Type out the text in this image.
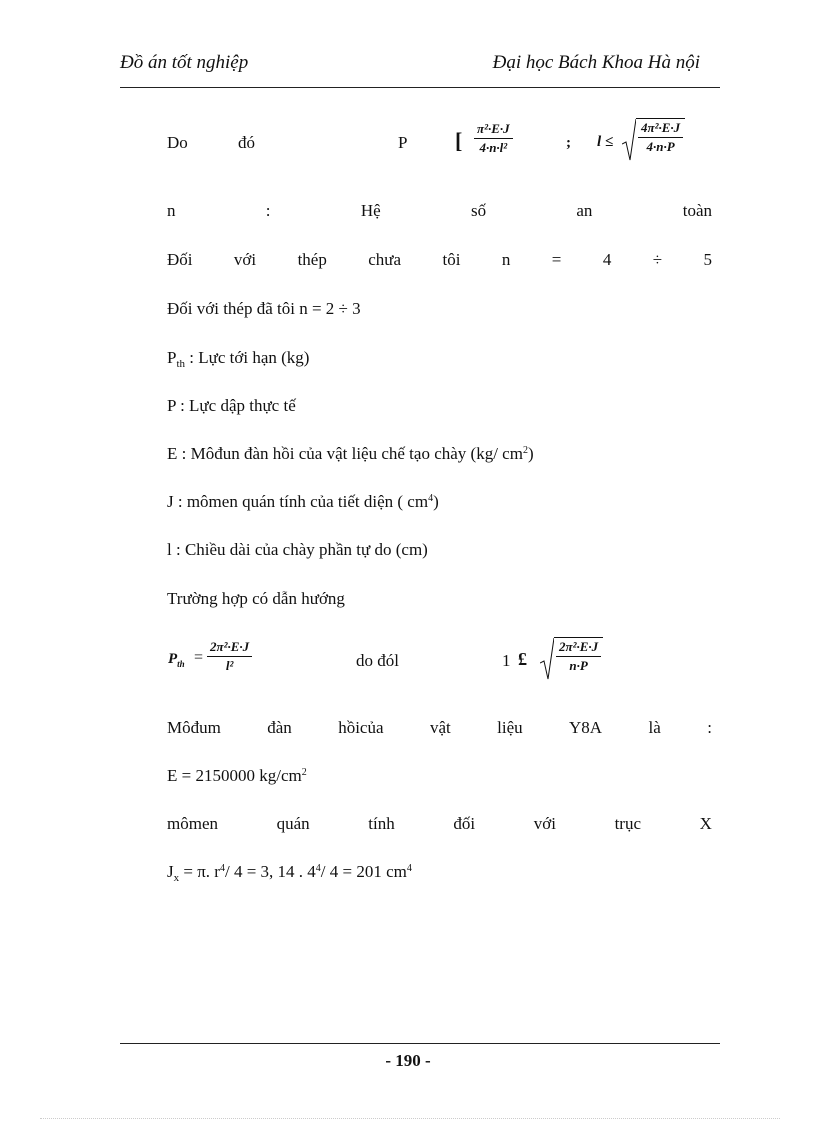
Đồ án tốt nghiệp	Đại học Bách Khoa Hà nội
Do	đó	P [ $\frac{\text{π²·E·J}}{\text{4·n·l²}}$	; $l \le \frac{\text{4π²·E·J}}{4\cdot n\cdot P}$
n	:	Hệ	số	an	toàn
Đối với thép chưa tôi n = 4 ÷ 5
Đối với thép đã tôi n = 2 ÷ 3
$P_{th}$ : Lực tới hạn (kg)
P : Lực dập thực tế
E : Môđun đàn hồi của vật liệu chế tạo chày (kg/ $cm^2$)
J : mômen quán tính của tiết diện ( $cm^4$)
l : Chiều dài của chày phần tự do (cm)
Trường hợp có dẫn hướng
$P_{th} = \frac{\text{2π²·E·J}}{\text{l²}}$	do đól	1 £ $\frac{\text{2π²·E·J}}{n\cdot P}$
Môđum	đàn	hồicủa	vật	liệu	Y8A	là	:
E = 2150000 $kg/cm^2$
mômen	quán	tính	đối	với	trục	X
$J_x = \pi$. $r^4/$ 4 = 3, 14 . $4^4/$ 4 = 201 $cm^4$
- 190 -
